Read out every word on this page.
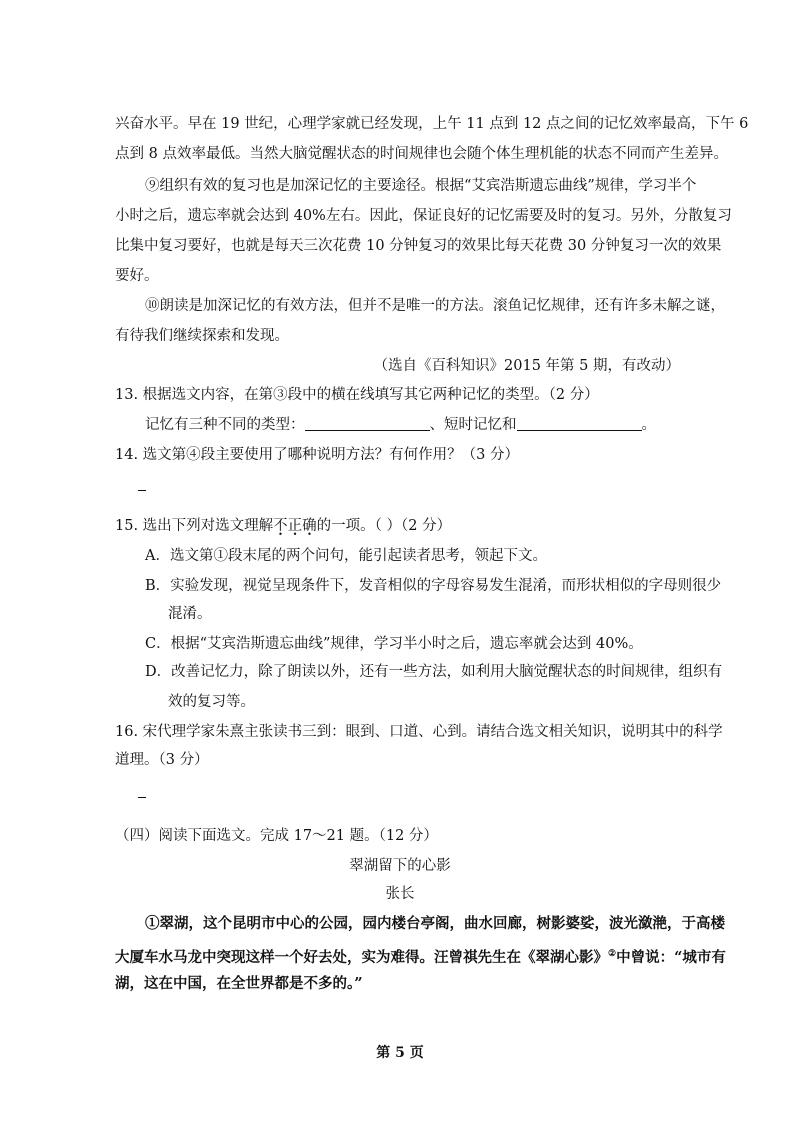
兴奋水平。早在 19 世纪，心理学家就已经发现，上午 11 点到 12 点之间的记忆效率最高，下午 6
点到 8 点效率最低。当然大脑觉醒状态的时间规律也会随个体生理机能的状态不同而产生差异。
⑨组织有效的复习也是加深记忆的主要途径。根据“艾宾浩斯遗忘曲线”规律，学习半个
小时之后，遗忘率就会达到 40%左右。因此，保证良好的记忆需要及时的复习。另外，分散复习
比集中复习要好，也就是每天三次花费 10 分钟复习的效果比每天花费 30 分钟复习一次的效果
要好。
⑩朗读是加深记忆的有效方法，但并不是唯一的方法。滚鱼记忆规律，还有许多未解之谜，
有待我们继续探索和发现。
（选自《百科知识》2015 年第 5 期，有改动）
13. 根据选文内容，在第③段中的横在线填写其它两种记忆的类型。（2 分）
记忆有三种不同的类型：	、短时记忆和	。
14. 选文第④段主要使用了哪种说明方法？有何作用？（3 分）
15. 选出下列对选文理解不正确的一项。（ ）（2 分）
A．选文第①段末尾的两个问句，能引起读者思考，领起下文。
B．实验发现，视觉呈现条件下，发音相似的字母容易发生混淆，而形状相似的字母则很少
混淆。
C．根据“艾宾浩斯遗忘曲线”规律，学习半小时之后，遗忘率就会达到 40%。
D．改善记忆力，除了朗读以外，还有一些方法，如利用大脑觉醒状态的时间规律，组织有
效的复习等。
16. 宋代理学家朱熹主张读书三到：眼到、口道、心到。请结合选文相关知识，说明其中的科学
道理。（3 分）
（四）阅读下面选文。完成 17～21 题。（12 分）
翠湖留下的心影
张长
①翠湖，这个昆明市中心的公园，园内楼台亭阁，曲水回廊，树影婆娑，波光潋滟，于高楼
大厦车水马龙中突现这样一个好去处，实为难得。汪曾祺先生在《翠湖心影》②中曾说：“城市有
湖，这在中国，在全世界都是不多的。”
第 5 页
